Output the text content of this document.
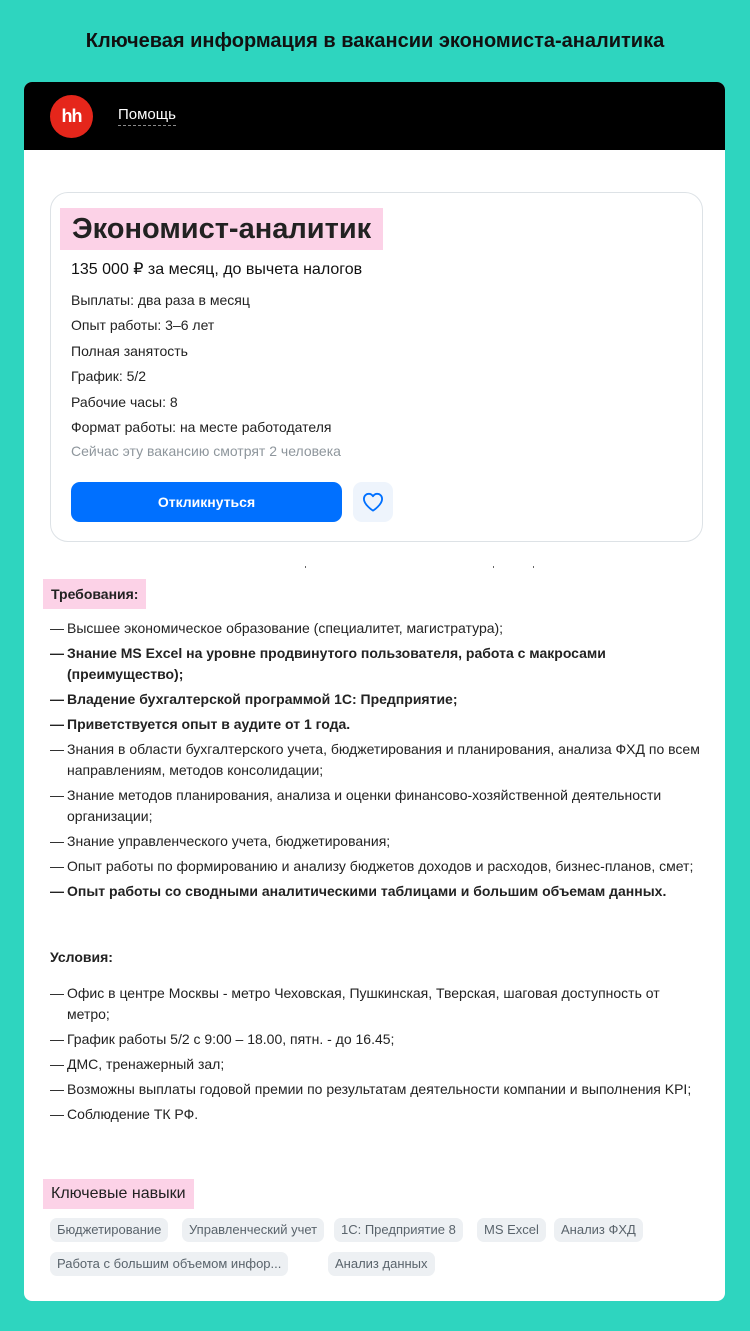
Ключевая информация в вакансии экономиста-аналитика
hh	Помощь
Экономист-аналитик
135 000 ₽ за месяц, до вычета налогов
Выплаты: два раза в месяц
Опыт работы: 3–6 лет
Полная занятость
График: 5/2
Рабочие часы: 8
Формат работы: на месте работодателя
Сейчас эту вакансию смотрят 2 человека
Откликнуться
Требования:
— Высшее экономическое образование (специалитет, магистратура);
— Знание MS Excel на уровне продвинутого пользователя, работа с макросами (преимущество);
— Владение бухгалтерской программой 1С: Предприятие;
— Приветствуется опыт в аудите от 1 года.
— Знания в области бухгалтерского учета, бюджетирования и планирования, анализа ФХД по всем направлениям, методов консолидации;
— Знание методов планирования, анализа и оценки финансово-хозяйственной деятельности организации;
— Знание управленческого учета, бюджетирования;
— Опыт работы по формированию и анализу бюджетов доходов и расходов, бизнес-планов, смет;
— Опыт работы со сводными аналитическими таблицами и большим объемам данных.
Условия:
— Офис в центре Москвы - метро Чеховская, Пушкинская, Тверская, шаговая доступность от метро;
— График работы 5/2 с 9:00 – 18.00, пятн. - до 16.45;
— ДМС, тренажерный зал;
— Возможны выплаты годовой премии по результатам деятельности компании и выполнения KPI;
— Соблюдение ТК РФ.
Ключевые навыки
Бюджетирование	Управленческий учет	1С: Предприятие 8	MS Excel	Анализ ФХД
Работа с большим объемом инфор...	Анализ данных
